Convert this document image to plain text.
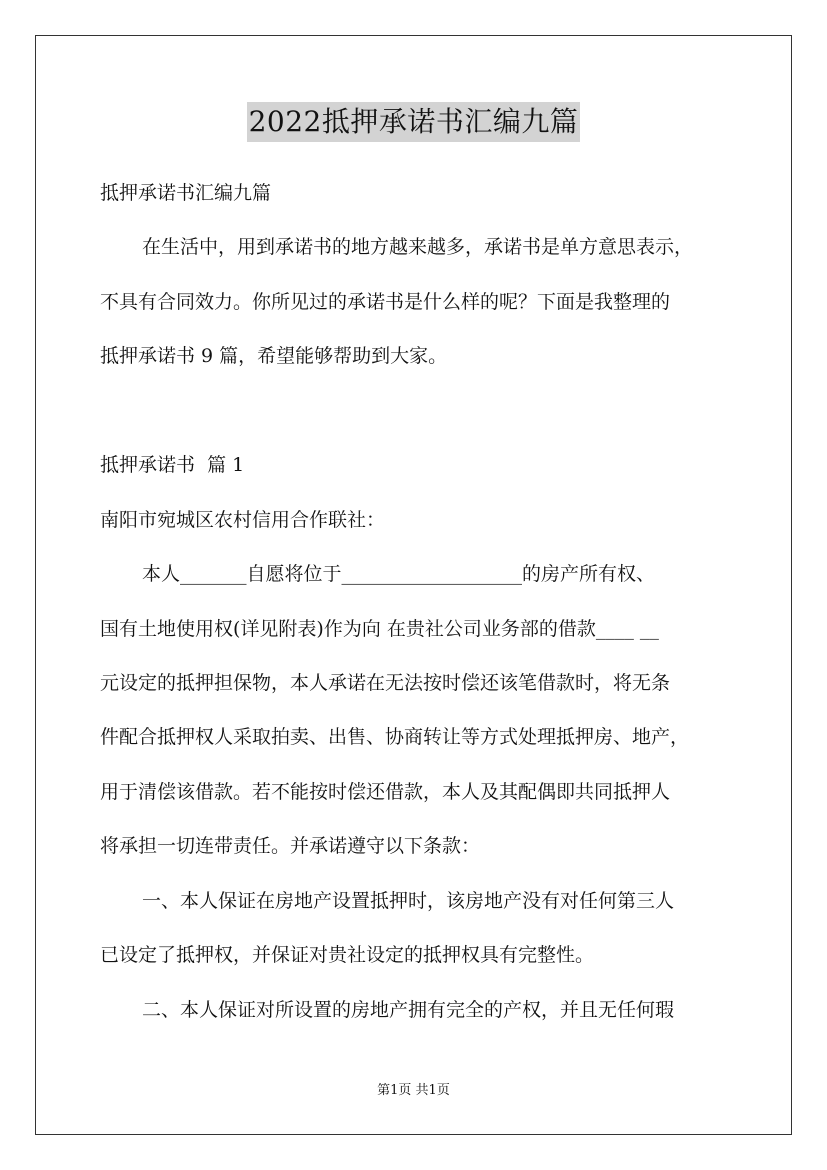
2022抵押承诺书汇编九篇
抵押承诺书汇编九篇
在生活中，用到承诺书的地方越来越多，承诺书是单方意思表示，
不具有合同效力。你所见过的承诺书是什么样的呢？下面是我整理的
抵押承诺书 9 篇，希望能够帮助到大家。
抵押承诺书  篇 1
南阳市宛城区农村信用合作联社：
本人_______自愿将位于___________________的房产所有权、
国有土地使用权(详见附表)作为向 在贵社公司业务部的借款____ __
元设定的抵押担保物，本人承诺在无法按时偿还该笔借款时，将无条
件配合抵押权人采取拍卖、出售、协商转让等方式处理抵押房、地产，
用于清偿该借款。若不能按时偿还借款，本人及其配偶即共同抵押人
将承担一切连带责任。并承诺遵守以下条款：
一、本人保证在房地产设置抵押时，该房地产没有对任何第三人
已设定了抵押权，并保证对贵社设定的抵押权具有完整性。
二、本人保证对所设置的房地产拥有完全的产权，并且无任何瑕
第1页 共1页
